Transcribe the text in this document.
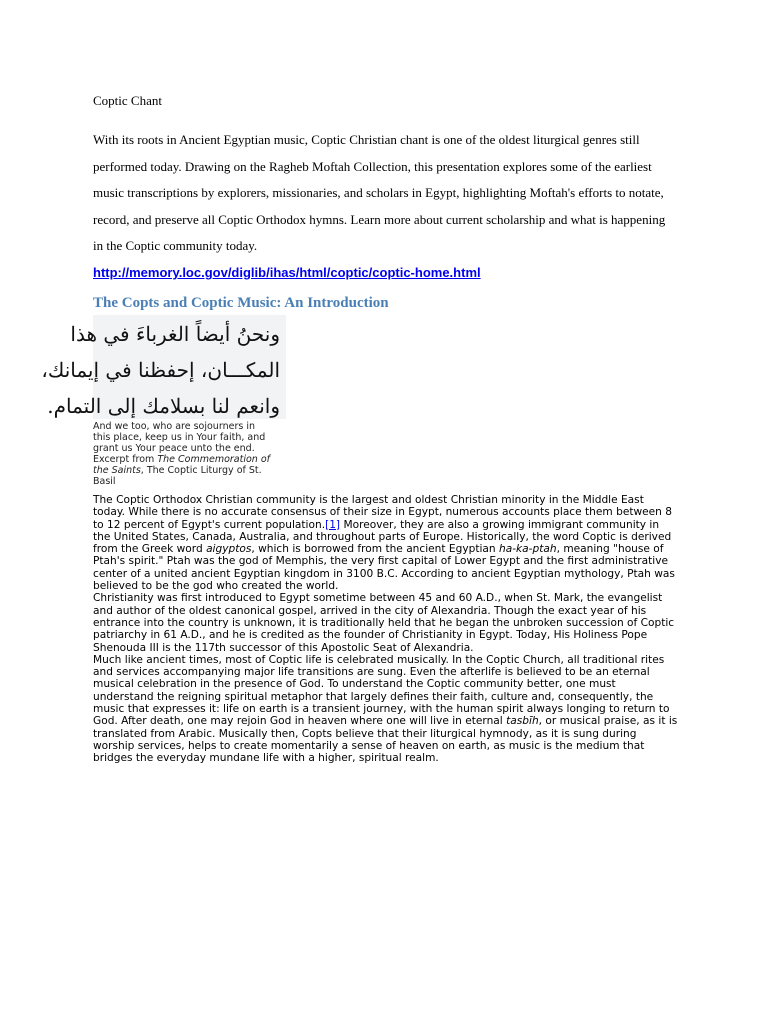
Coptic Chant
With its roots in Ancient Egyptian music, Coptic Christian chant is one of the oldest liturgical genres still performed today. Drawing on the Ragheb Moftah Collection, this presentation explores some of the earliest music transcriptions by explorers, missionaries, and scholars in Egypt, highlighting Moftah's efforts to notate, record, and preserve all Coptic Orthodox hymns. Learn more about current scholarship and what is happening in the Coptic community today.
http://memory.loc.gov/diglib/ihas/html/coptic/coptic-home.html
The Copts and Coptic Music: An Introduction
ونحنُ أيضاً الغرباءَ في هذا
المكـــان، إحفظنا في إيمانك،
وانعم لنا بسلامك إلى التمام.
And we too, who are sojourners in this place, keep us in Your faith, and grant us Your peace unto the end. Excerpt from The Commemoration of the Saints, The Coptic Liturgy of St. Basil

The Coptic Orthodox Christian community is the largest and oldest Christian minority in the Middle East today. While there is no accurate consensus of their size in Egypt, numerous accounts place them between 8 to 12 percent of Egypt's current population.[1] Moreover, they are also a growing immigrant community in the United States, Canada, Australia, and throughout parts of Europe. Historically, the word Coptic is derived from the Greek word aigyptos, which is borrowed from the ancient Egyptian ha-ka-ptah, meaning "house of Ptah's spirit." Ptah was the god of Memphis, the very first capital of Lower Egypt and the first administrative center of a united ancient Egyptian kingdom in 3100 B.C. According to ancient Egyptian mythology, Ptah was believed to be the god who created the world.

Christianity was first introduced to Egypt sometime between 45 and 60 A.D., when St. Mark, the evangelist and author of the oldest canonical gospel, arrived in the city of Alexandria. Though the exact year of his entrance into the country is unknown, it is traditionally held that he began the unbroken succession of Coptic patriarchy in 61 A.D., and he is credited as the founder of Christianity in Egypt. Today, His Holiness Pope Shenouda III is the 117th successor of this Apostolic Seat of Alexandria.

Much like ancient times, most of Coptic life is celebrated musically. In the Coptic Church, all traditional rites and services accompanying major life transitions are sung. Even the afterlife is believed to be an eternal musical celebration in the presence of God. To understand the Coptic community better, one must understand the reigning spiritual metaphor that largely defines their faith, culture and, consequently, the music that expresses it: life on earth is a transient journey, with the human spirit always longing to return to God. After death, one may rejoin God in heaven where one will live in eternal tasbīh, or musical praise, as it is translated from Arabic. Musically then, Copts believe that their liturgical hymnody, as it is sung during worship services, helps to create momentarily a sense of heaven on earth, as music is the medium that bridges the everyday mundane life with a higher, spiritual realm.
